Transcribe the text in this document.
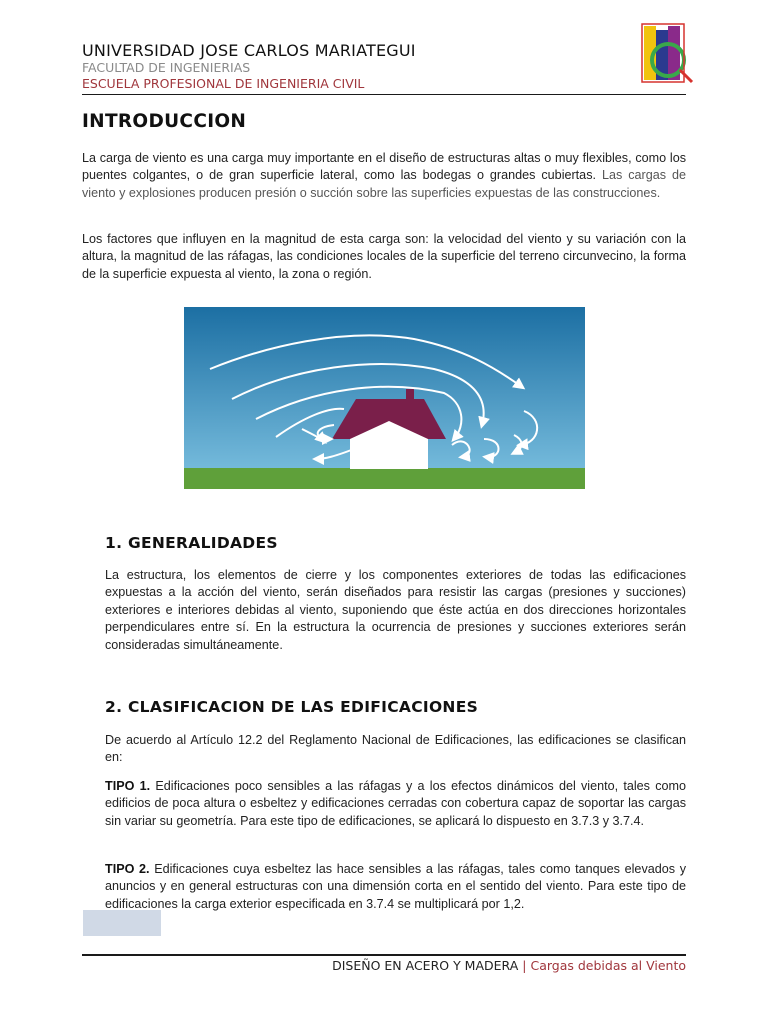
UNIVERSIDAD JOSE CARLOS MARIATEGUI
FACULTAD DE INGENIERIAS
ESCUELA PROFESIONAL DE INGENIERIA CIVIL
INTRODUCCION

La carga de viento es una carga muy importante en el diseño de estructuras altas o muy flexibles, como los puentes colgantes, o de gran superficie lateral, como las bodegas o grandes cubiertas. Las cargas de viento y explosiones producen presión o succión sobre las superficies expuestas de las construcciones.

Los factores que influyen en la magnitud de esta carga son: la velocidad del viento y su variación con la altura, la magnitud de las ráfagas, las condiciones locales de la superficie del terreno circunvecino, la forma de la superficie expuesta al viento, la zona o región.

1. GENERALIDADES

La estructura, los elementos de cierre y los componentes exteriores de todas las edificaciones expuestas a la acción del viento, serán diseñados para resistir las cargas (presiones y succiones) exteriores e interiores debidas al viento, suponiendo que éste actúa en dos direcciones horizontales perpendiculares entre sí. En la estructura la ocurrencia de presiones y succiones exteriores serán consideradas simultáneamente.

2. CLASIFICACION DE LAS EDIFICACIONES

De acuerdo al Artículo 12.2 del Reglamento Nacional de Edificaciones, las edificaciones se clasifican en:

TIPO 1. Edificaciones poco sensibles a las ráfagas y a los efectos dinámicos del viento, tales como edificios de poca altura o esbeltez y edificaciones cerradas con cobertura capaz de soportar las cargas sin variar su geometría. Para este tipo de edificaciones, se aplicará lo dispuesto en 3.7.3 y 3.7.4.

TIPO 2. Edificaciones cuya esbeltez las hace sensibles a las ráfagas, tales como tanques elevados y anuncios y en general estructuras con una dimensión corta en el sentido del viento. Para este tipo de edificaciones la carga exterior especificada en 3.7.4 se multiplicará por 1,2.

DISEÑO EN ACERO Y MADERA | Cargas debidas al Viento
